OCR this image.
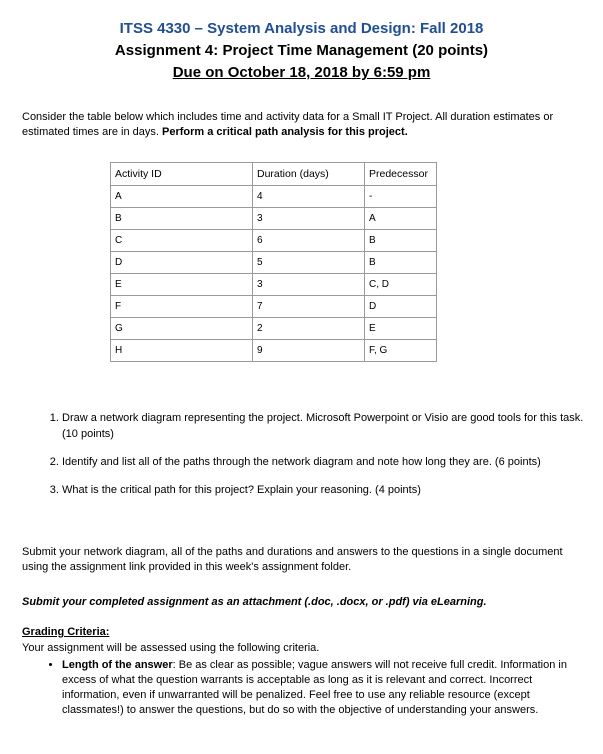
ITSS 4330 – System Analysis and Design: Fall 2018
Assignment 4: Project Time Management (20 points)
Due on October 18, 2018 by 6:59 pm
Consider the table below which includes time and activity data for a Small IT Project. All duration estimates or estimated times are in days. Perform a critical path analysis for this project.
Activity ID	Duration (days)	Predecessor
A	4	-
B	3	A
C	6	B
D	5	B
E	3	C, D
F	7	D
G	2	E
H	9	F, G
1. Draw a network diagram representing the project. Microsoft Powerpoint or Visio are good tools for this task. (10 points)
2. Identify and list all of the paths through the network diagram and note how long they are. (6 points)
3. What is the critical path for this project? Explain your reasoning. (4 points)
Submit your network diagram, all of the paths and durations and answers to the questions in a single document using the assignment link provided in this week's assignment folder.
Submit your completed assignment as an attachment (.doc, .docx, or .pdf) via eLearning.
Grading Criteria:
Your assignment will be assessed using the following criteria.
• Length of the answer: Be as clear as possible; vague answers will not receive full credit. Information in excess of what the question warrants is acceptable as long as it is relevant and correct. Incorrect information, even if unwarranted will be penalized. Feel free to use any reliable resource (except classmates!) to answer the questions, but do so with the objective of understanding your answers.
